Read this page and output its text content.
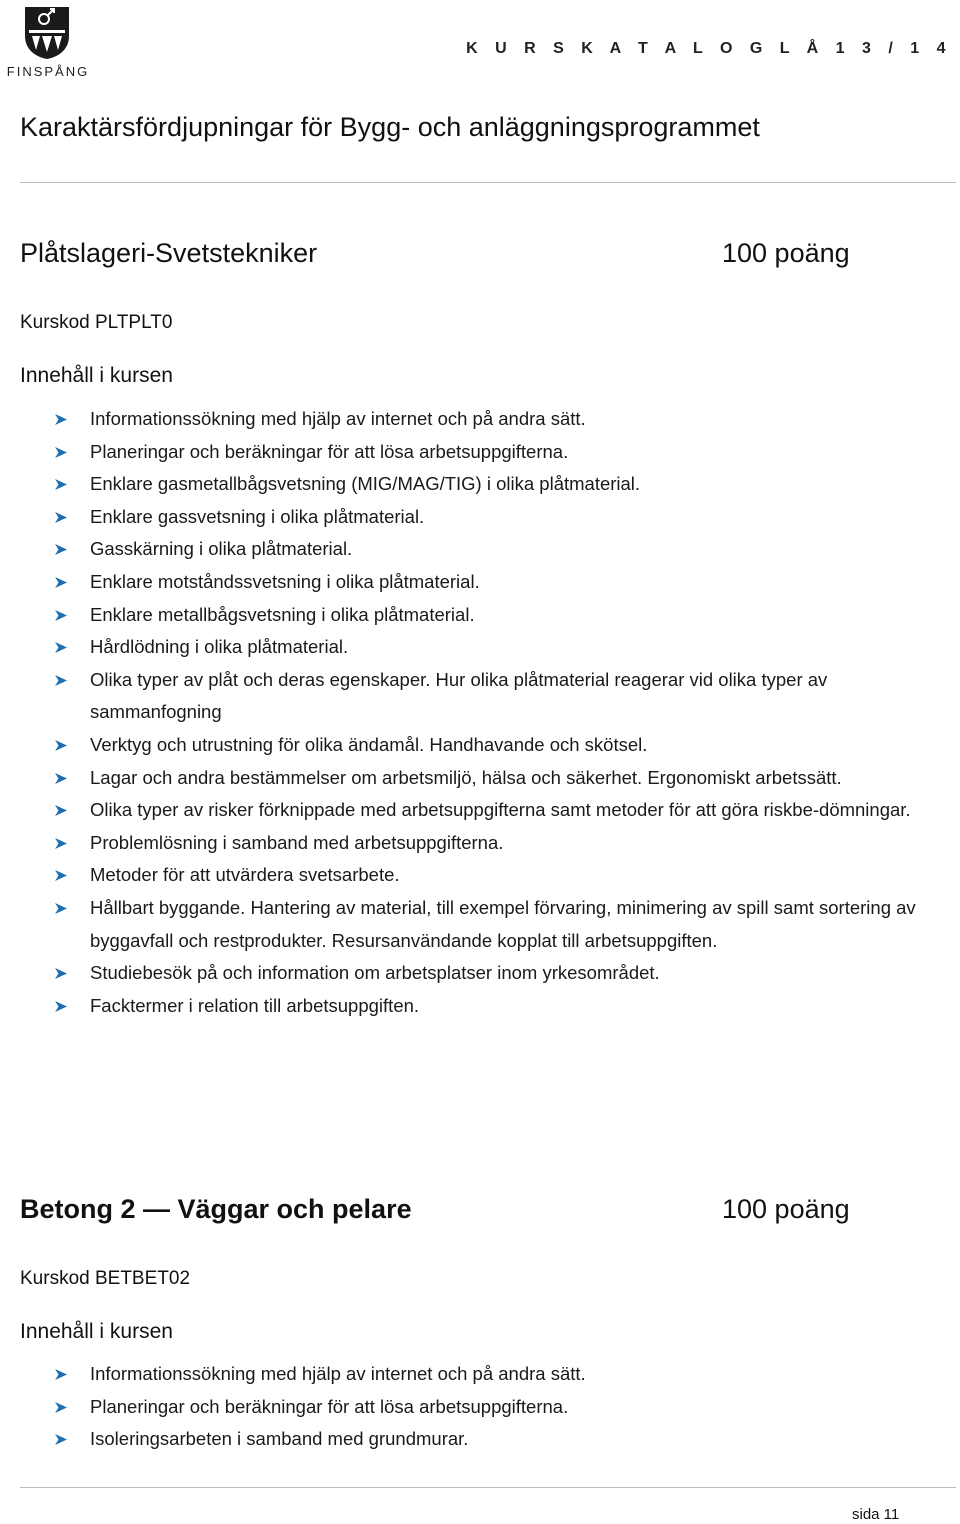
FINSPÅNG
K U R S K A T A L O G L Å 1 3 / 1 4
Karaktärsfördjupningar för Bygg- och anläggningsprogrammet
Plåtslageri-Svetstekniker	100 poäng
Kurskod PLTPLT0
Innehåll i kursen
Informationssökning med hjälp av internet och på andra sätt.
Planeringar och beräkningar för att lösa arbetsuppgifterna.
Enklare gasmetallbågsvetsning (MIG/MAG/TIG) i olika plåtmaterial.
Enklare gassvetsning i olika plåtmaterial.
Gasskärning i olika plåtmaterial.
Enklare motståndssvetsning i olika plåtmaterial.
Enklare metallbågsvetsning i olika plåtmaterial.
Hårdlödning i olika plåtmaterial.
Olika typer av plåt och deras egenskaper. Hur olika plåtmaterial reagerar vid olika typer av sammanfogning
Verktyg och utrustning för olika ändamål. Handhavande och skötsel.
Lagar och andra bestämmelser om arbetsmiljö, hälsa och säkerhet. Ergonomiskt arbetssätt.
Olika typer av risker förknippade med arbetsuppgifterna samt metoder för att göra riskbe-dömningar.
Problemlösning i samband med arbetsuppgifterna.
Metoder för att utvärdera svetsarbete.
Hållbart byggande. Hantering av material, till exempel förvaring, minimering av spill samt sortering av byggavfall och restprodukter. Resursanvändande kopplat till arbetsuppgiften.
Studiebesök på och information om arbetsplatser inom yrkesområdet.
Facktermer i relation till arbetsuppgiften.
Betong 2 — Väggar och pelare	100 poäng
Kurskod BETBET02
Innehåll i kursen
Informationssökning med hjälp av internet och på andra sätt.
Planeringar och beräkningar för att lösa arbetsuppgifterna.
Isoleringsarbeten i samband med grundmurar.
sida 11
